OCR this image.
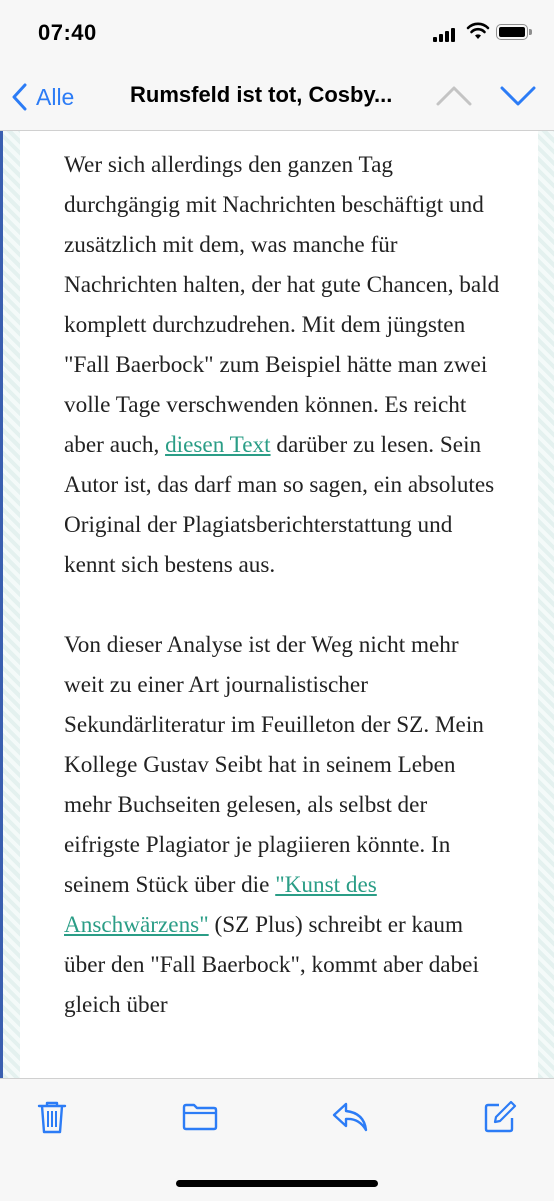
07:40
Alle	Rumsfeld ist tot, Cosby...

Wer sich allerdings den ganzen Tag durchgängig mit Nachrichten beschäftigt und zusätzlich mit dem, was manche für Nachrichten halten, der hat gute Chancen, bald komplett durchzudrehen. Mit dem jüngsten "Fall Baerbock" zum Beispiel hätte man zwei volle Tage verschwenden können. Es reicht aber auch, diesen Text darüber zu lesen. Sein Autor ist, das darf man so sagen, ein absolutes Original der Plagiatsberichterstattung und kennt sich bestens aus.

Von dieser Analyse ist der Weg nicht mehr weit zu einer Art journalistischer Sekundärliteratur im Feuilleton der SZ. Mein Kollege Gustav Seibt hat in seinem Leben mehr Buchseiten gelesen, als selbst der eifrigste Plagiator je plagiieren könnte. In seinem Stück über die "Kunst des Anschwärzens" (SZ Plus) schreibt er kaum über den "Fall Baerbock", kommt aber dabei gleich über
